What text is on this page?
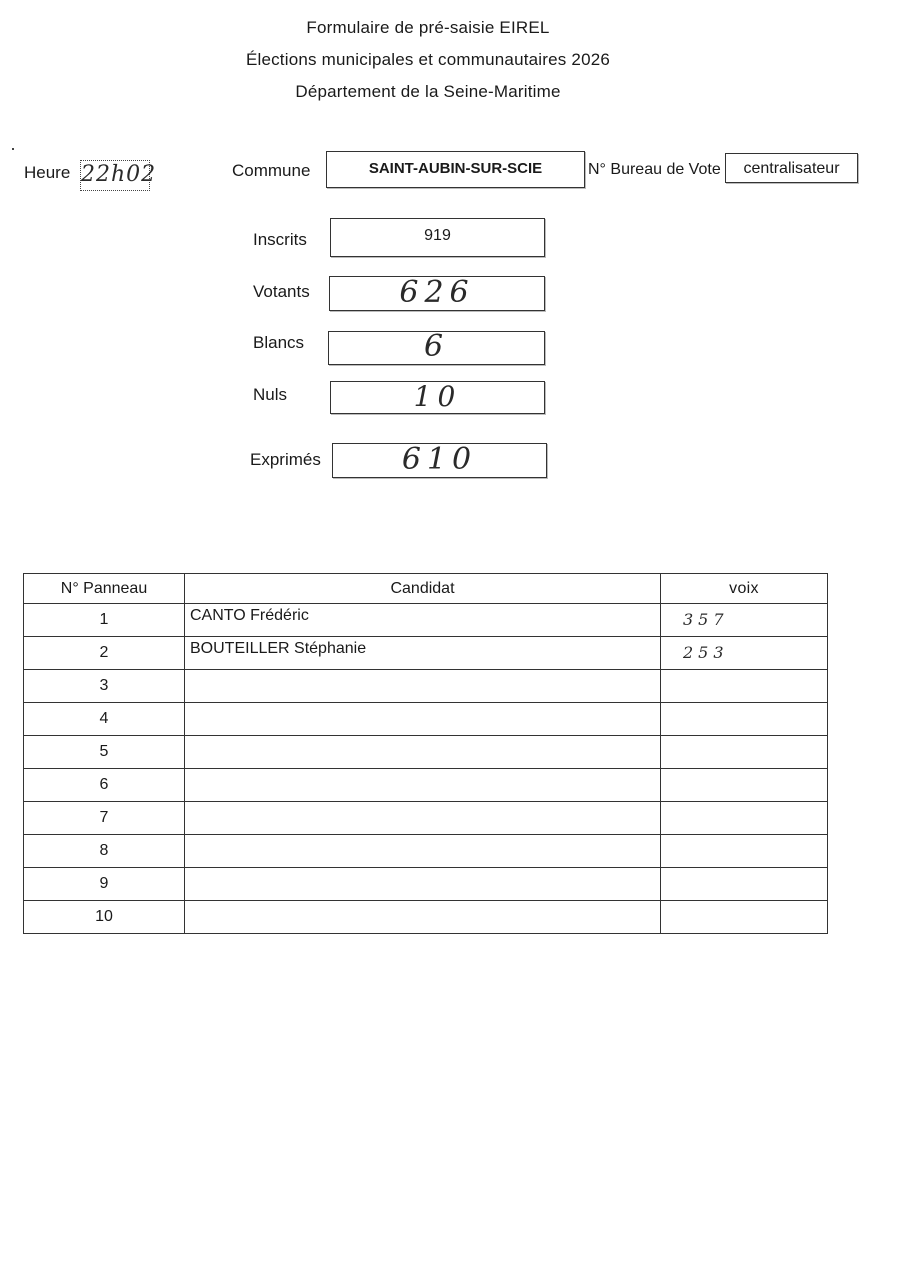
Formulaire de pré-saisie EIREL
Élections municipales et communautaires 2026
Département de la Seine-Maritime
Heure 22h02	Commune	SAINT-AUBIN-SUR-SCIE	N° Bureau de Vote	centralisateur
Inscrits	919
Votants	626
Blancs	6
Nuls	10
Exprimés	610
N° Panneau	Candidat	voix
1	CANTO Frédéric	357
2	BOUTEILLER Stéphanie	253
3		
4		
5		
6		
7		
8		
9		
10		
